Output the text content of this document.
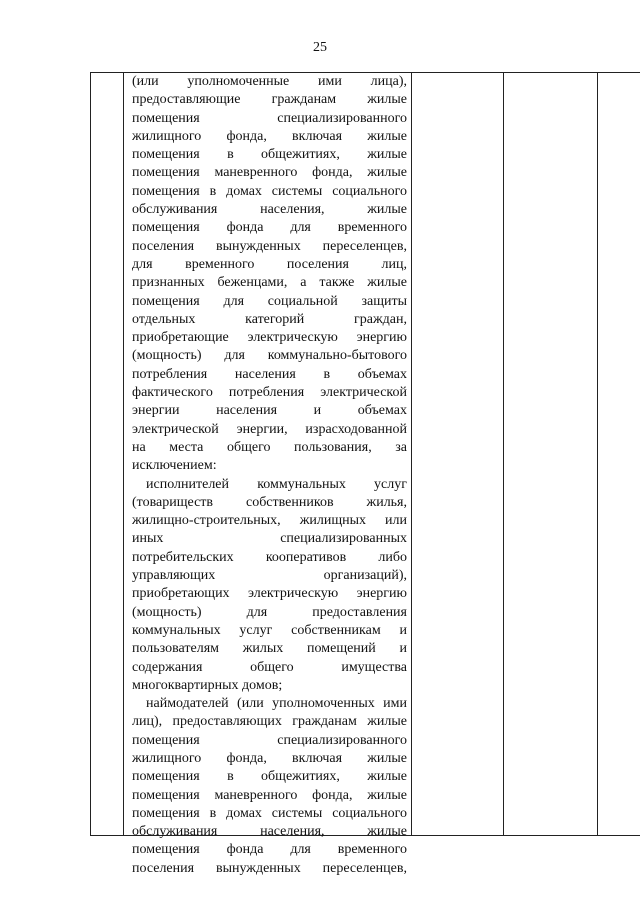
25
(или уполномоченные ими лица),
предоставляющие гражданам жилые
помещения специализированного
жилищного фонда, включая жилые
помещения в общежитиях, жилые
помещения маневренного фонда, жилые
помещения в домах системы социального
обслуживания населения, жилые
помещения фонда для временного
поселения вынужденных переселенцев,
для временного поселения лиц,
признанных беженцами, а также жилые
помещения для социальной защиты
отдельных категорий граждан,
приобретающие электрическую энергию
(мощность) для коммунально-бытового
потребления населения в объемах
фактического потребления электрической
энергии населения и объемах
электрической энергии, израсходованной
на места общего пользования, за
исключением:
исполнителей коммунальных услуг
(товариществ собственников жилья,
жилищно-строительных, жилищных или
иных специализированных
потребительских кооперативов либо
управляющих организаций),
приобретающих электрическую энергию
(мощность) для предоставления
коммунальных услуг собственникам и
пользователям жилых помещений и
содержания общего имущества
многоквартирных домов;
наймодателей (или уполномоченных ими
лиц), предоставляющих гражданам жилые
помещения специализированного
жилищного фонда, включая жилые
помещения в общежитиях, жилые
помещения маневренного фонда, жилые
помещения в домах системы социального
обслуживания населения, жилые
помещения фонда для временного
поселения вынужденных переселенцев,
